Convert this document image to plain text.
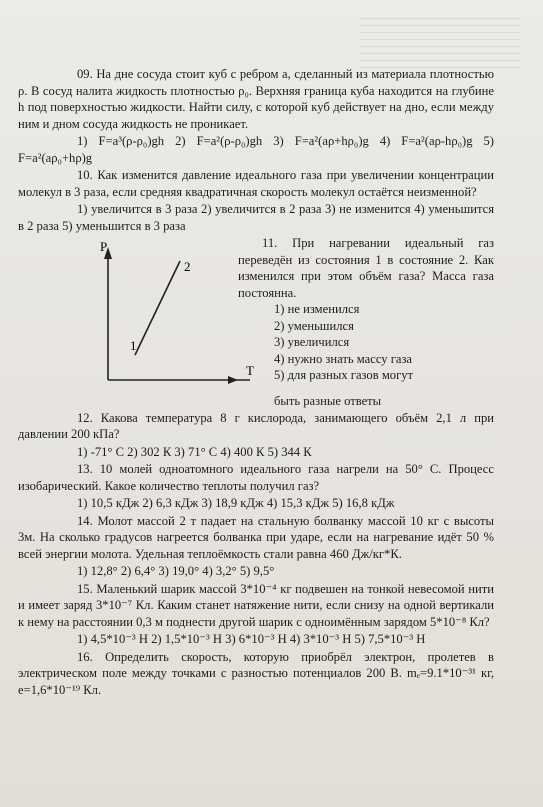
09. На дне сосуда стоит куб с ребром а, сделанный из материала плотностью ρ. В сосуд налита жидкость плотностью ρ₀. Верхняя граница куба находится на глубине h под поверхностью жидкости. Найти силу, с которой куб действует на дно, если между ним и дном сосуда жидкость не проникает.

1) F=a³(ρ-ρ₀)gh 2) F=a²(ρ-ρ₀)gh 3) F=a²(aρ+hρ₀)g 4) F=a²(aρ-hρ₀)g 5) F=a²(aρ₀+hρ)g

10. Как изменится давление идеального газа при увеличении концентрации молекул в 3 раза, если средняя квадратичная скорость молекул остаётся неизменной?

1) увеличится в 3 раза 2) увеличится в 2 раза 3) не изменится 4) уменьшится в 2 раза 5) уменьшится в 3 раза

P
T
1
2

11. При нагревании идеальный газ переведён из состояния 1 в состояние 2. Как изменился при этом объём газа? Масса газа постоянна.

1) не изменился
2) уменьшился
3) увеличился
4) нужно знать массу газа
5) для разных газов могут

быть разные ответы

12. Какова температура 8 г кислорода, занимающего объём 2,1 л при давлении 200 кПа?

1) -71° С 2) 302 К 3) 71° С 4) 400 К 5) 344 К

13. 10 молей одноатомного идеального газа нагрели на 50° С. Процесс изобарический. Какое количество теплоты получил газ?

1) 10,5 кДж 2) 6,3 кДж 3) 18,9 кДж 4) 15,3 кДж 5) 16,8 кДж

14. Молот массой 2 т падает на стальную болванку массой 10 кг с высоты 3м. На сколько градусов нагреется болванка при ударе, если на нагревание идёт 50 % всей энергии молота. Удельная теплоёмкость стали равна 460 Дж/кг*К.

1) 12,8° 2) 6,4° 3) 19,0° 4) 3,2° 5) 9,5°

15. Маленький шарик массой 3*10⁻⁴ кг подвешен на тонкой невесомой нити и имеет заряд 3*10⁻⁷ Кл. Каким станет натяжение нити, если снизу на одной вертикали к нему на расстоянии 0,3 м поднести другой шарик с одноимённым зарядом 5*10⁻⁸ Кл?

1) 4,5*10⁻³ Н 2) 1,5*10⁻³ Н 3) 6*10⁻³ Н 4) 3*10⁻³ Н 5) 7,5*10⁻³ Н

16. Определить скорость, которую приобрёл электрон, пролетев в электрическом поле между точками с разностью потенциалов 200 В. mₑ=9.1*10⁻³¹ кг, е=1,6*10⁻¹⁹ Кл.
